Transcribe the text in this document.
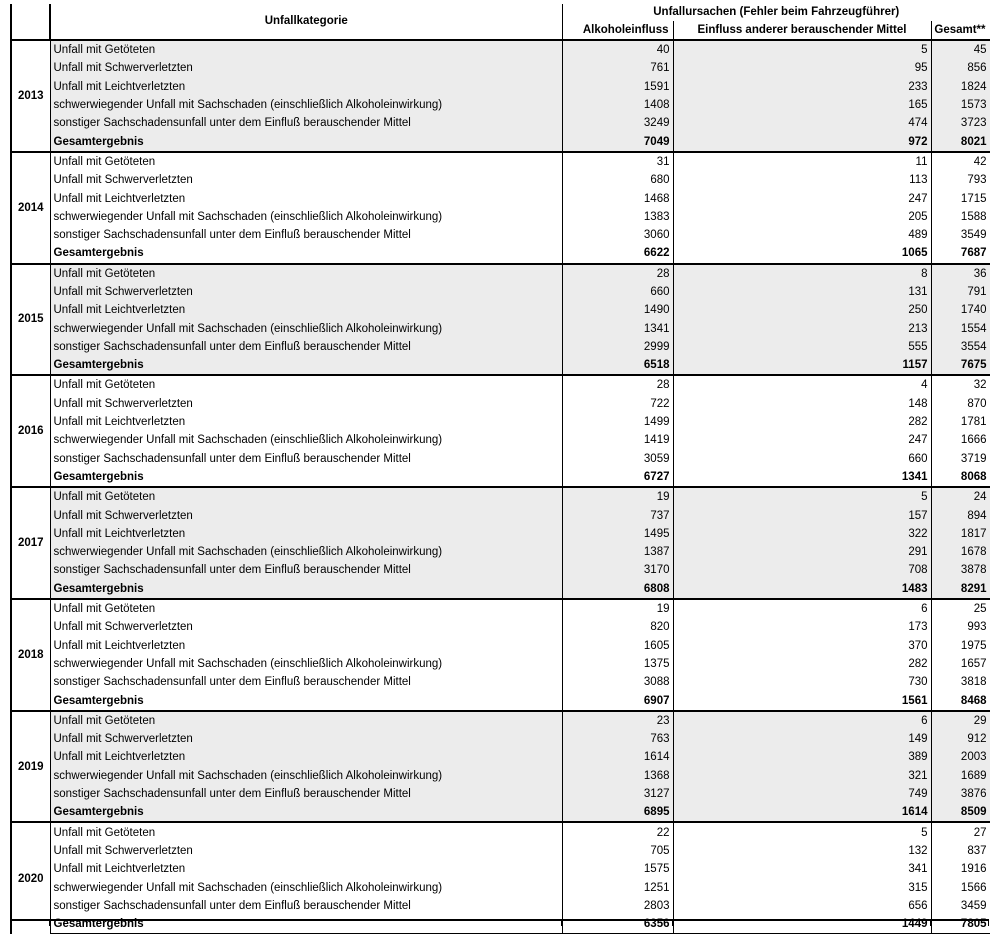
	Unfallkategorie	Unfallursachen (Fehler beim Fahrzeugführer)		
		Alkoholeinfluss	Einfluss anderer berauschender Mittel	Gesamt**
2013	Unfall mit Getöteten	40	5	45
	Unfall mit Schwerverletzten	761	95	856
	Unfall mit Leichtverletzten	1591	233	1824
	schwerwiegender Unfall mit Sachschaden (einschließlich Alkoholeinwirkung)	1408	165	1573
	sonstiger Sachschadensunfall unter dem Einfluß berauschender Mittel	3249	474	3723
	Gesamtergebnis	7049	972	8021
2014	Unfall mit Getöteten	31	11	42
	Unfall mit Schwerverletzten	680	113	793
	Unfall mit Leichtverletzten	1468	247	1715
	schwerwiegender Unfall mit Sachschaden (einschließlich Alkoholeinwirkung)	1383	205	1588
	sonstiger Sachschadensunfall unter dem Einfluß berauschender Mittel	3060	489	3549
	Gesamtergebnis	6622	1065	7687
2015	Unfall mit Getöteten	28	8	36
	Unfall mit Schwerverletzten	660	131	791
	Unfall mit Leichtverletzten	1490	250	1740
	schwerwiegender Unfall mit Sachschaden (einschließlich Alkoholeinwirkung)	1341	213	1554
	sonstiger Sachschadensunfall unter dem Einfluß berauschender Mittel	2999	555	3554
	Gesamtergebnis	6518	1157	7675
2016	Unfall mit Getöteten	28	4	32
	Unfall mit Schwerverletzten	722	148	870
	Unfall mit Leichtverletzten	1499	282	1781
	schwerwiegender Unfall mit Sachschaden (einschließlich Alkoholeinwirkung)	1419	247	1666
	sonstiger Sachschadensunfall unter dem Einfluß berauschender Mittel	3059	660	3719
	Gesamtergebnis	6727	1341	8068
2017	Unfall mit Getöteten	19	5	24
	Unfall mit Schwerverletzten	737	157	894
	Unfall mit Leichtverletzten	1495	322	1817
	schwerwiegender Unfall mit Sachschaden (einschließlich Alkoholeinwirkung)	1387	291	1678
	sonstiger Sachschadensunfall unter dem Einfluß berauschender Mittel	3170	708	3878
	Gesamtergebnis	6808	1483	8291
2018	Unfall mit Getöteten	19	6	25
	Unfall mit Schwerverletzten	820	173	993
	Unfall mit Leichtverletzten	1605	370	1975
	schwerwiegender Unfall mit Sachschaden (einschließlich Alkoholeinwirkung)	1375	282	1657
	sonstiger Sachschadensunfall unter dem Einfluß berauschender Mittel	3088	730	3818
	Gesamtergebnis	6907	1561	8468
2019	Unfall mit Getöteten	23	6	29
	Unfall mit Schwerverletzten	763	149	912
	Unfall mit Leichtverletzten	1614	389	2003
	schwerwiegender Unfall mit Sachschaden (einschließlich Alkoholeinwirkung)	1368	321	1689
	sonstiger Sachschadensunfall unter dem Einfluß berauschender Mittel	3127	749	3876
	Gesamtergebnis	6895	1614	8509
2020	Unfall mit Getöteten	22	5	27
	Unfall mit Schwerverletzten	705	132	837
	Unfall mit Leichtverletzten	1575	341	1916
	schwerwiegender Unfall mit Sachschaden (einschließlich Alkoholeinwirkung)	1251	315	1566
	sonstiger Sachschadensunfall unter dem Einfluß berauschender Mittel	2803	656	3459
	Gesamtergebnis	6356	1449	7805
